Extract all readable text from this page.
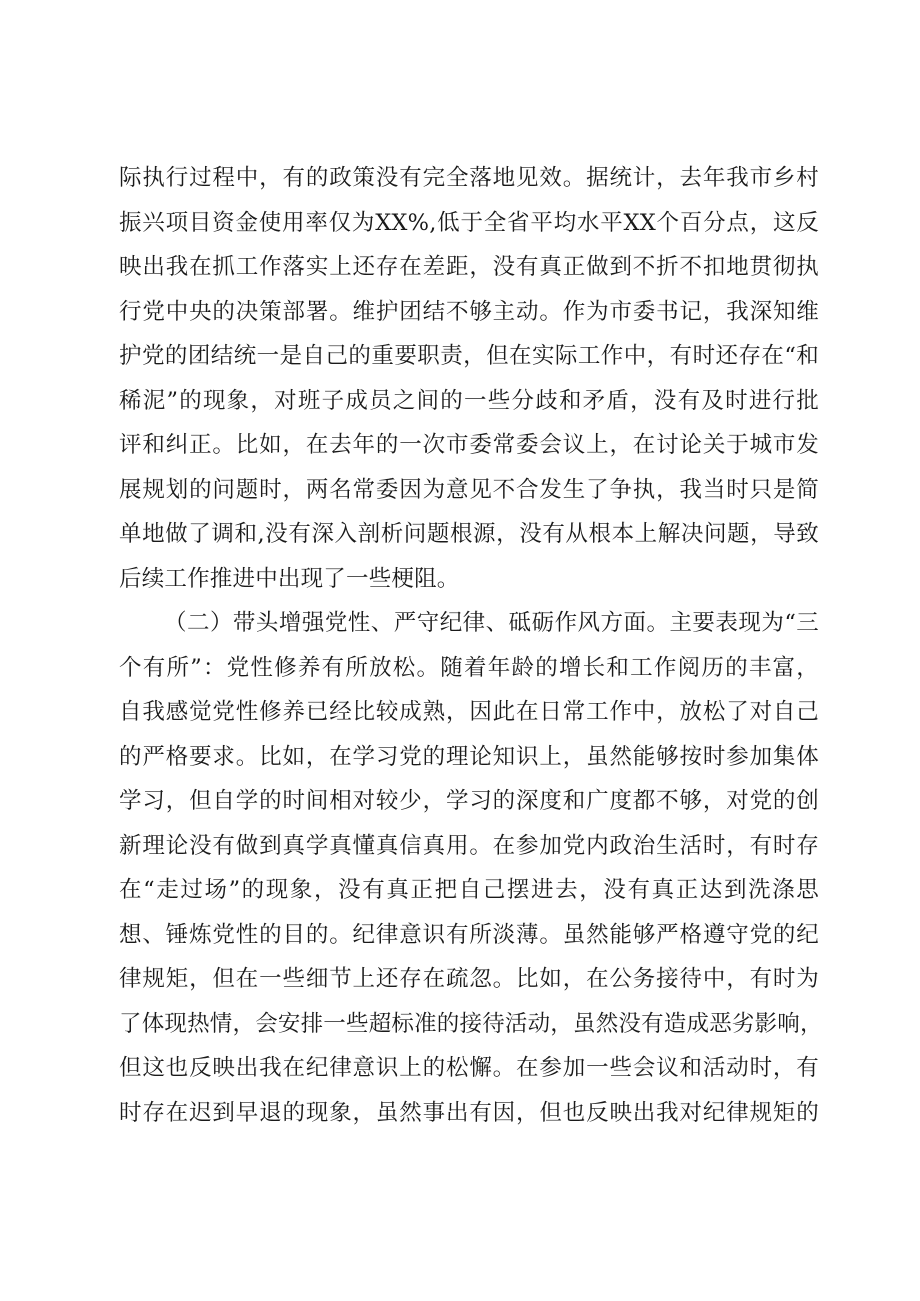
际执行过程中，有的政策没有完全落地见效。据统计，去年我市乡村
振兴项目资金使用率仅为XX%,低于全省平均水平XX个百分点，这反
映出我在抓工作落实上还存在差距，没有真正做到不折不扣地贯彻执
行党中央的决策部署。维护团结不够主动。作为市委书记，我深知维
护党的团结统一是自己的重要职责，但在实际工作中，有时还存在“和
稀泥”的现象，对班子成员之间的一些分歧和矛盾，没有及时进行批
评和纠正。比如，在去年的一次市委常委会议上，在讨论关于城市发
展规划的问题时，两名常委因为意见不合发生了争执，我当时只是简
单地做了调和,没有深入剖析问题根源，没有从根本上解决问题，导致
后续工作推进中出现了一些梗阻。
（二）带头增强党性、严守纪律、砥砺作风方面。主要表现为“三
个有所”：党性修养有所放松。随着年龄的增长和工作阅历的丰富，
自我感觉党性修养已经比较成熟，因此在日常工作中，放松了对自己
的严格要求。比如，在学习党的理论知识上，虽然能够按时参加集体
学习，但自学的时间相对较少，学习的深度和广度都不够，对党的创
新理论没有做到真学真懂真信真用。在参加党内政治生活时，有时存
在“走过场”的现象，没有真正把自己摆进去，没有真正达到洗涤思
想、锤炼党性的目的。纪律意识有所淡薄。虽然能够严格遵守党的纪
律规矩，但在一些细节上还存在疏忽。比如，在公务接待中，有时为
了体现热情，会安排一些超标准的接待活动，虽然没有造成恶劣影响，
但这也反映出我在纪律意识上的松懈。在参加一些会议和活动时，有
时存在迟到早退的现象，虽然事出有因，但也反映出我对纪律规矩的
